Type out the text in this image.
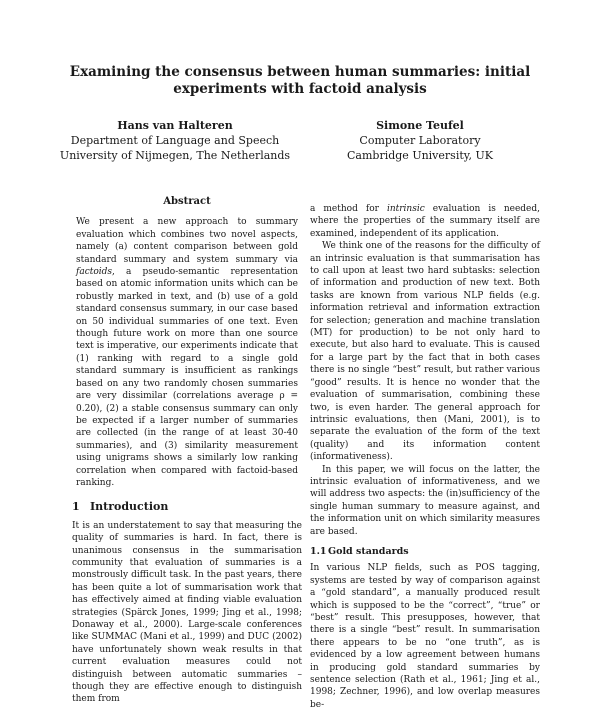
Examining the consensus between human summaries: initial experiments with factoid analysis
Hans van Halteren
Department of Language and Speech
University of Nijmegen, The Netherlands
Simone Teufel
Computer Laboratory
Cambridge University, UK
Abstract

We present a new approach to summary evaluation which combines two novel aspects, namely (a) content comparison between gold standard summary and system summary via factoids, a pseudo-semantic representation based on atomic information units which can be robustly marked in text, and (b) use of a gold standard consensus summary, in our case based on 50 individual summaries of one text. Even though future work on more than one source text is imperative, our experiments indicate that (1) ranking with regard to a single gold standard summary is insufficient as rankings based on any two randomly chosen summaries are very dissimilar (correlations average ρ = 0.20), (2) a stable consensus summary can only be expected if a larger number of summaries are collected (in the range of at least 30-40 summaries), and (3) similarity measurement using unigrams shows a similarly low ranking correlation when compared with factoid-based ranking.

1 Introduction

It is an understatement to say that measuring the quality of summaries is hard. In fact, there is unanimous consensus in the summarisation community that evaluation of summaries is a monstrously difficult task. In the past years, there has been quite a lot of summarisation work that has effectively aimed at finding viable evaluation strategies (Spärck Jones, 1999; Jing et al., 1998; Donaway et al., 2000). Large-scale conferences like SUMMAC (Mani et al., 1999) and DUC (2002) have unfortunately shown weak results in that current evaluation measures could not distinguish between automatic summaries – though they are effective enough to distinguish them from

a method for intrinsic evaluation is needed, where the properties of the summary itself are examined, independent of its application.

We think one of the reasons for the difficulty of an intrinsic evaluation is that summarisation has to call upon at least two hard subtasks: selection of information and production of new text. Both tasks are known from various NLP fields (e.g. information retrieval and information extraction for selection; generation and machine translation (MT) for production) to be not only hard to execute, but also hard to evaluate. This is caused for a large part by the fact that in both cases there is no single “best” result, but rather various “good” results. It is hence no wonder that the evaluation of summarisation, combining these two, is even harder. The general approach for intrinsic evaluations, then (Mani, 2001), is to separate the evaluation of the form of the text (quality) and its information content (informativeness).

In this paper, we will focus on the latter, the intrinsic evaluation of informativeness, and we will address two aspects: the (in)sufficiency of the single human summary to measure against, and the information unit on which similarity measures are based.

1.1Gold standards

In various NLP fields, such as POS tagging, systems are tested by way of comparison against a “gold standard”, a manually produced result which is supposed to be the “correct”, “true” or “best” result. This presupposes, however, that there is a single “best” result. In summarisation there appears to be no “one truth”, as is evidenced by a low agreement between humans in producing gold standard summaries by sentence selection (Rath et al., 1961; Jing et al., 1998; Zechner, 1996), and low overlap measures be-
